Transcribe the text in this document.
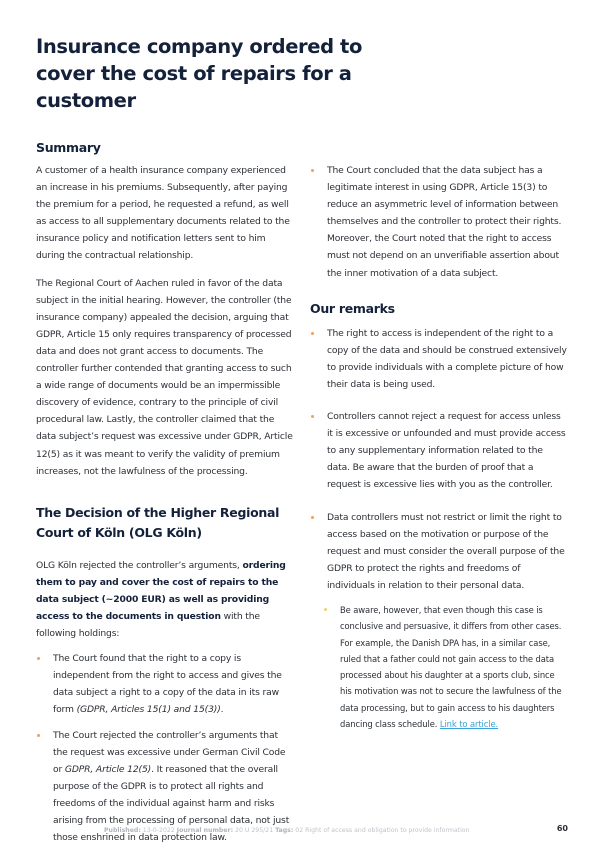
Insurance company ordered to cover the cost of repairs for a customer
Summary

A customer of a health insurance company experienced an increase in his premiums. Subsequently, after paying the premium for a period, he requested a refund, as well as access to all supplementary documents related to the insurance policy and notification letters sent to him during the contractual relationship.

The Regional Court of Aachen ruled in favor of the data subject in the initial hearing. However, the controller (the insurance company) appealed the decision, arguing that GDPR, Article 15 only requires transparency of processed data and does not grant access to documents. The controller further contended that granting access to such a wide range of documents would be an impermissible discovery of evidence, contrary to the principle of civil procedural law. Lastly, the controller claimed that the data subject’s request was excessive under GDPR, Article 12(5) as it was meant to verify the validity of premium increases, not the lawfulness of the processing.

The Decision of the Higher Regional Court of Köln (OLG Köln)

OLG Köln rejected the controller’s arguments, ordering them to pay and cover the cost of repairs to the data subject (~2000 EUR) as well as providing access to the documents in question with the following holdings:

The Court found that the right to a copy is independent from the right to access and gives the data subject a right to a copy of the data in its raw form (GDPR, Articles 15(1) and 15(3)).
The Court rejected the controller’s arguments that the request was excessive under German Civil Code or GDPR, Article 12(5). It reasoned that the overall purpose of the GDPR is to protect all rights and freedoms of the individual against harm and risks arising from the processing of personal data, not just those enshrined in data protection law.
The Court concluded that the data subject has a legitimate interest in using GDPR, Article 15(3) to reduce an asymmetric level of information between themselves and the controller to protect their rights. Moreover, the Court noted that the right to access must not depend on an unverifiable assertion about the inner motivation of a data subject.
Our remarks
The right to access is independent of the right to a copy of the data and should be construed extensively to provide individuals with a complete picture of how their data is being used.
Controllers cannot reject a request for access unless it is excessive or unfounded and must provide access to any supplementary information related to the data. Be aware that the burden of proof that a request is excessive lies with you as the controller.
Data controllers must not restrict or limit the right to access based on the motivation or purpose of the request and must consider the overall purpose of the GDPR to protect the rights and freedoms of individuals in relation to their personal data.
Be aware, however, that even though this case is conclusive and persuasive, it differs from other cases. For example, the Danish DPA has, in a similar case, ruled that a father could not gain access to the data processed about his daughter at a sports club, since his motivation was not to secure the lawfulness of the data processing, but to gain access to his daughters dancing class schedule. Link to article.
Published: 13-0-2022 Journal number: 20 U 295/21 Tags: 02 Right of access and obligation to provide information	60
